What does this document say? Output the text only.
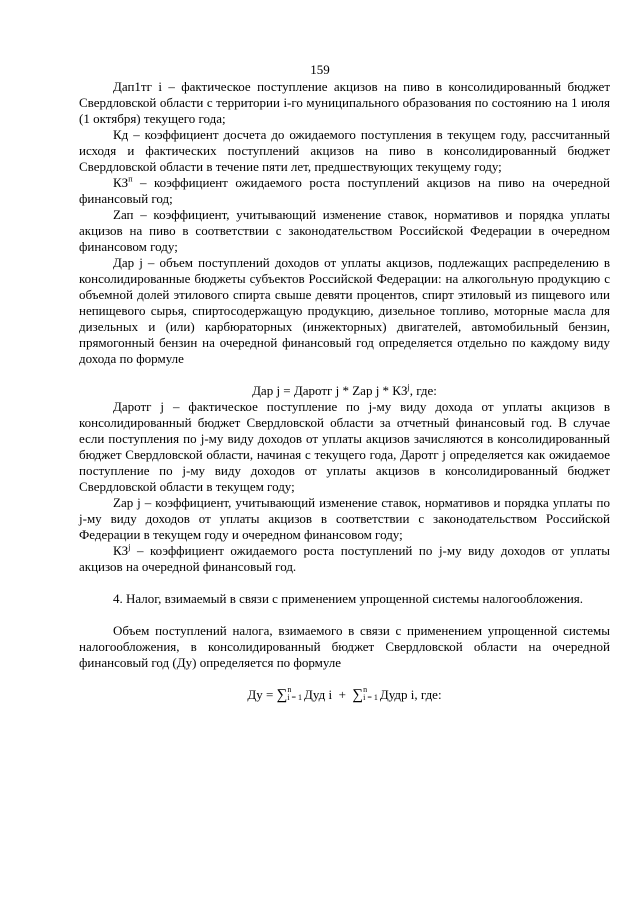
159

Дап1тг i – фактическое поступление акцизов на пиво в консолидированный бюджет Свердловской области с территории i-го муниципального образования по состоянию на 1 июля (1 октября) текущего года;

Кд – коэффициент досчета до ожидаемого поступления в текущем году, рассчитанный исходя и фактических поступлений акцизов на пиво в консолидированный бюджет Свердловской области в течение пяти лет, предшествующих текущему году;

$КЗ^п$ – коэффициент ожидаемого роста поступлений акцизов на пиво на очередной финансовый год;

Zап – коэффициент, учитывающий изменение ставок, нормативов и порядка уплаты акцизов на пиво в соответствии с законодательством Российской Федерации в очередном финансовом году;

Дар j – объем поступлений доходов от уплаты акцизов, подлежащих распределению в консолидированные бюджеты субъектов Российской Федерации: на алкогольную продукцию с объемной долей этилового спирта свыше девяти процентов, спирт этиловый из пищевого или непищевого сырья, спиртосодержащую продукцию, дизельное топливо, моторные масла для дизельных и (или) карбюраторных (инжекторных) двигателей, автомобильный бензин, прямогонный бензин на очередной финансовый год определяется отдельно по каждому виду дохода по формуле

Дар j = Даротг j * Zар j * $КЗ^j$, где:

Даротг j – фактическое поступление по j-му виду дохода от уплаты акцизов в консолидированный бюджет Свердловской области за отчетный финансовый год. В случае если поступления по j-му виду доходов от уплаты акцизов зачисляются в консолидированный бюджет Свердловской области, начиная с текущего года, Даротг j определяется как ожидаемое поступление по j-му виду доходов от уплаты акцизов в консолидированный бюджет Свердловской области в текущем году;

Zар j – коэффициент, учитывающий изменение ставок, нормативов и порядка уплаты по j-му виду доходов от уплаты акцизов в соответствии с законодательством Российской Федерации в текущем году и очередном финансовом году;

$КЗ^j$ – коэффициент ожидаемого роста поступлений по j-му виду доходов от уплаты акцизов на очередной финансовый год.

4. Налог, взимаемый в связи с применением упрощенной системы налогообложения.

Объем поступлений налога, взимаемого в связи с применением упрощенной системы налогообложения, в консолидированный бюджет Свердловской области на очередной финансовый год (Ду) определяется по формуле

Ду = ∑ n
i = 1 Дуд i  +  ∑ n
i = 1 Дудр i, где:
